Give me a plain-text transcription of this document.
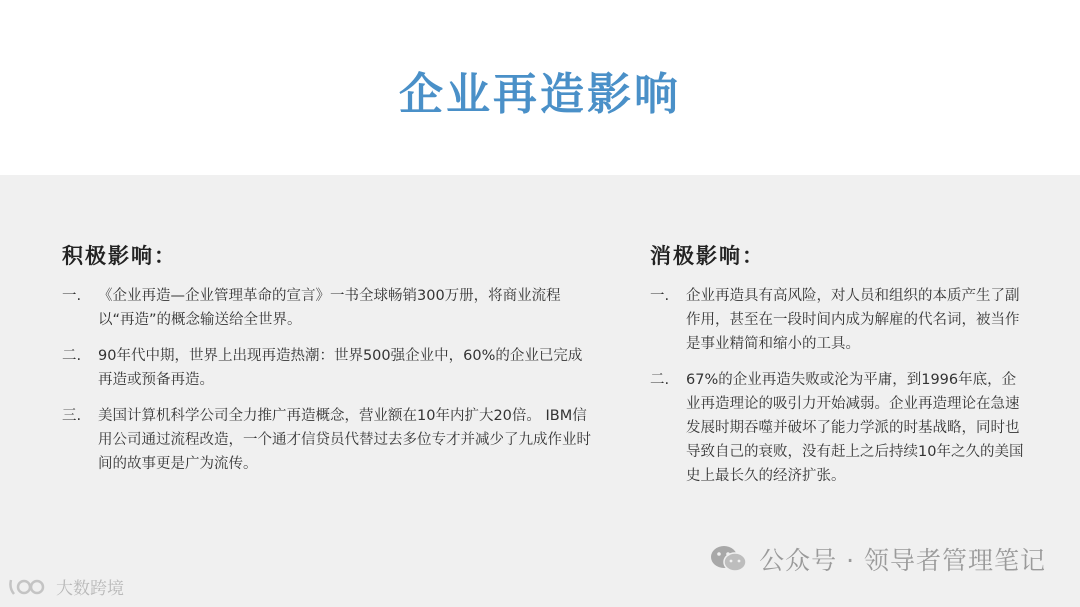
企业再造影响
积极影响：
一.	《企业再造—企业管理革命的宣言》一书全球畅销300万册，将商业流程以“再造”的概念输送给全世界。
二.	90年代中期，世界上出现再造热潮：世界500强企业中，60%的企业已完成再造或预备再造。
三.	美国计算机科学公司全力推广再造概念，营业额在10年内扩大20倍。 IBM信用公司通过流程改造，一个通才信贷员代替过去多位专才并减少了九成作业时间的故事更是广为流传。
消极影响：
一.	企业再造具有高风险，对人员和组织的本质产生了副作用，甚至在一段时间内成为解雇的代名词，被当作是事业精简和缩小的工具。
二.	67%的企业再造失败或沦为平庸，到1996年底，企业再造理论的吸引力开始减弱。企业再造理论在急速发展时期吞噬并破坏了能力学派的时基战略，同时也导致自己的衰败，没有赶上之后持续10年之久的美国史上最长久的经济扩张。
公众号 · 领导者管理笔记
大数跨境
